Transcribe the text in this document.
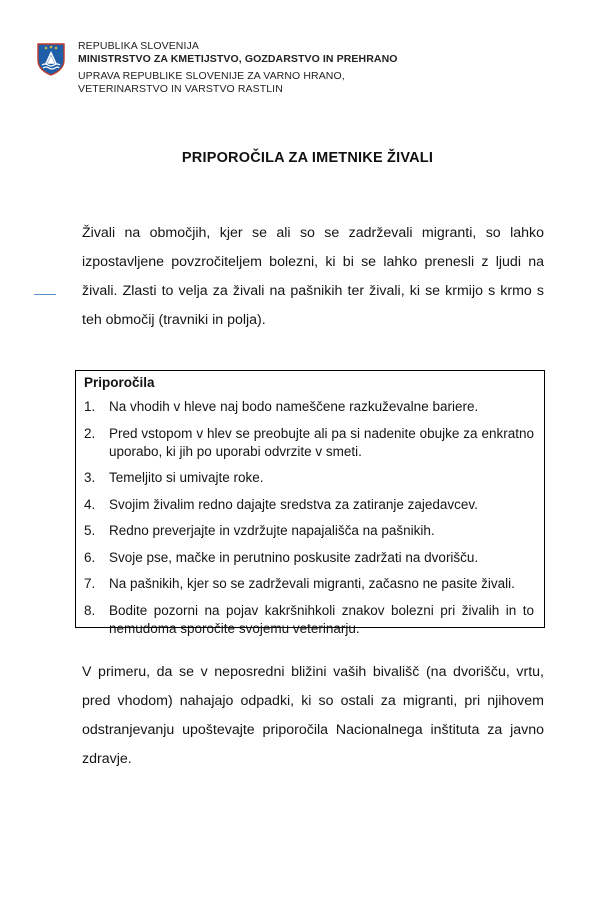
REPUBLIKA SLOVENIJA
MINISTRSTVO ZA KMETIJSTVO, GOZDARSTVO IN PREHRANO
UPRAVA REPUBLIKE SLOVENIJE ZA VARNO HRANO,
VETERINARSTVO IN VARSTVO RASTLIN
PRIPOROČILA ZA IMETNIKE ŽIVALI

Živali na območjih, kjer se ali so se zadrževali migranti, so lahko izpostavljene povzročiteljem bolezni, ki bi se lahko prenesli z ljudi na živali. Zlasti to velja za živali na pašnikih ter živali, ki se krmijo s krmo s teh območij (travniki in polja).

Priporočila
1.	Na vhodih v hleve naj bodo nameščene razkuževalne bariere.
2.	Pred vstopom v hlev se preobujte ali pa si nadenite obujke za enkratno uporabo, ki jih po uporabi odvrzite v smeti.
3.	Temeljito si umivajte roke.
4.	Svojim živalim redno dajajte sredstva za zatiranje zajedavcev.
5.	Redno preverjajte in vzdržujte napajališča na pašnikih.
6.	Svoje pse, mačke in perutnino poskusite zadržati na dvorišču.
7.	Na pašnikih, kjer so se zadrževali migranti, začasno ne pasite živali.
8.	Bodite pozorni na pojav kakršnihkoli znakov bolezni pri živalih in to nemudoma sporočite svojemu veterinarju.

V primeru, da se v neposredni bližini vaših bivališč (na dvorišču, vrtu, pred vhodom) nahajajo odpadki, ki so ostali za migranti, pri njihovem odstranjevanju upoštevajte priporočila Nacionalnega inštituta za javno zdravje.
